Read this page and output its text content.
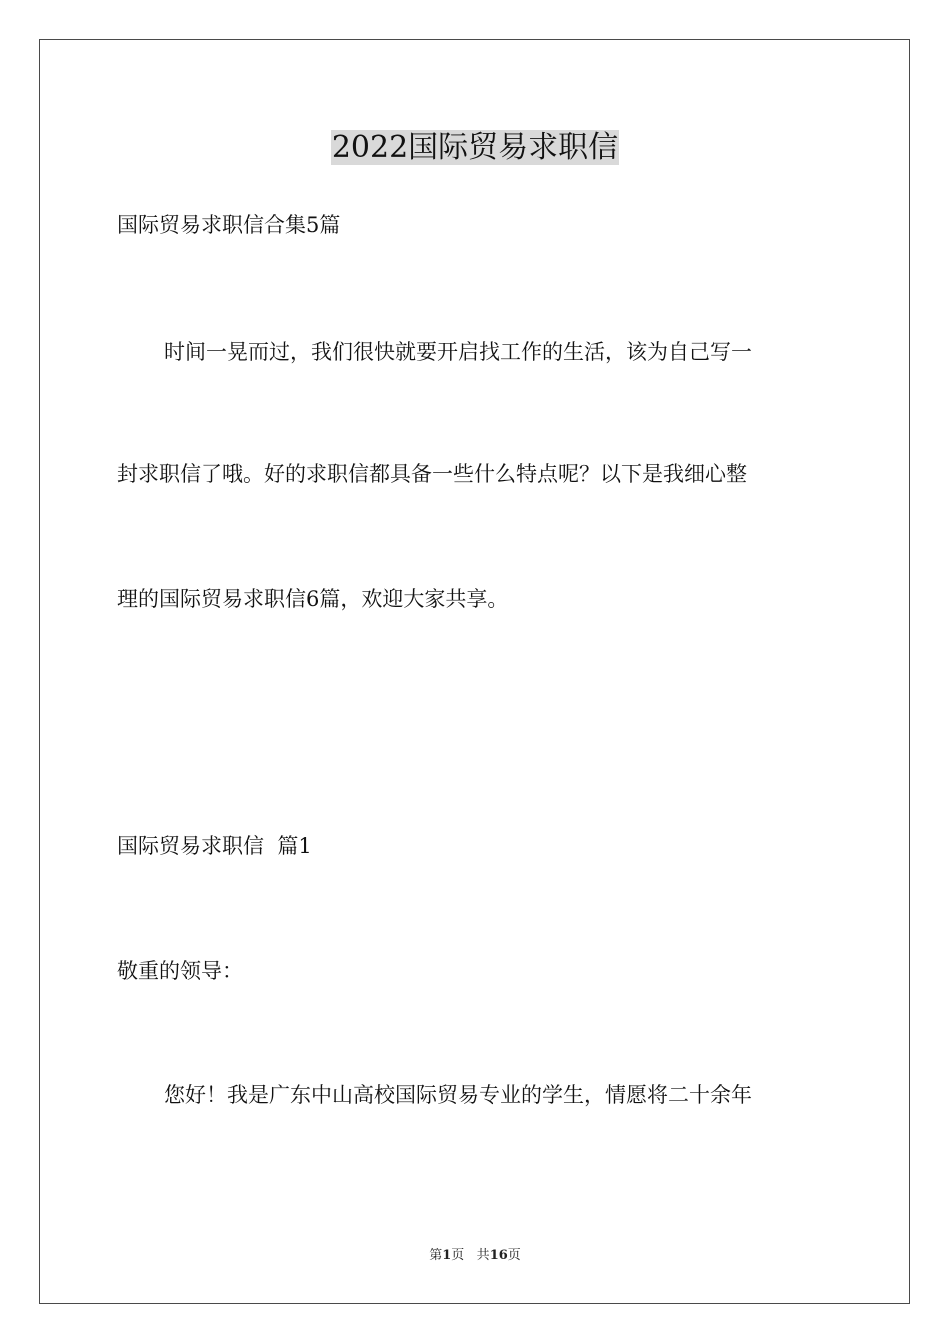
2022国际贸易求职信
国际贸易求职信合集5篇
时间一晃而过，我们很快就要开启找工作的生活，该为自己写一
封求职信了哦。好的求职信都具备一些什么特点呢？以下是我细心整
理的国际贸易求职信6篇，欢迎大家共享。
国际贸易求职信  篇1
敬重的领导：
您好！我是广东中山高校国际贸易专业的学生，情愿将二十余年
第1页 共16页
